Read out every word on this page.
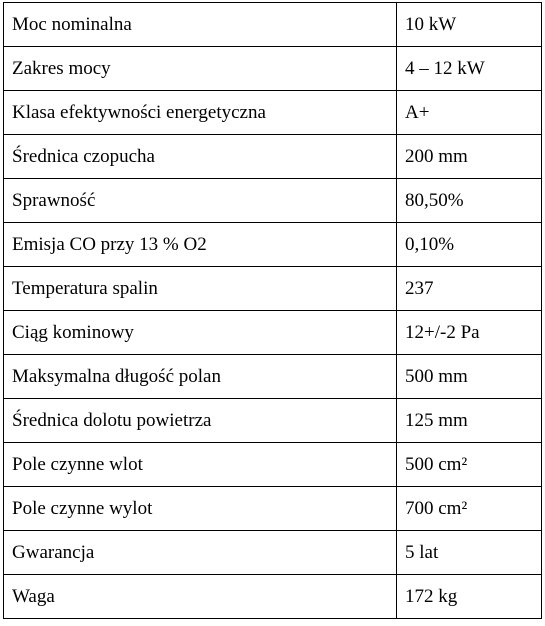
Moc nominalna	10 kW
Zakres mocy	4 – 12 kW
Klasa efektywności energetyczna	A+
Średnica czopucha	200 mm
Sprawność	80,50%
Emisja CO przy 13 % O2	0,10%
Temperatura spalin	237
Ciąg kominowy	12+/-2 Pa
Maksymalna długość polan	500 mm
Średnica dolotu powietrza	125 mm
Pole czynne wlot	500 cm²
Pole czynne wylot	700 cm²
Gwarancja	5 lat
Waga	172 kg
